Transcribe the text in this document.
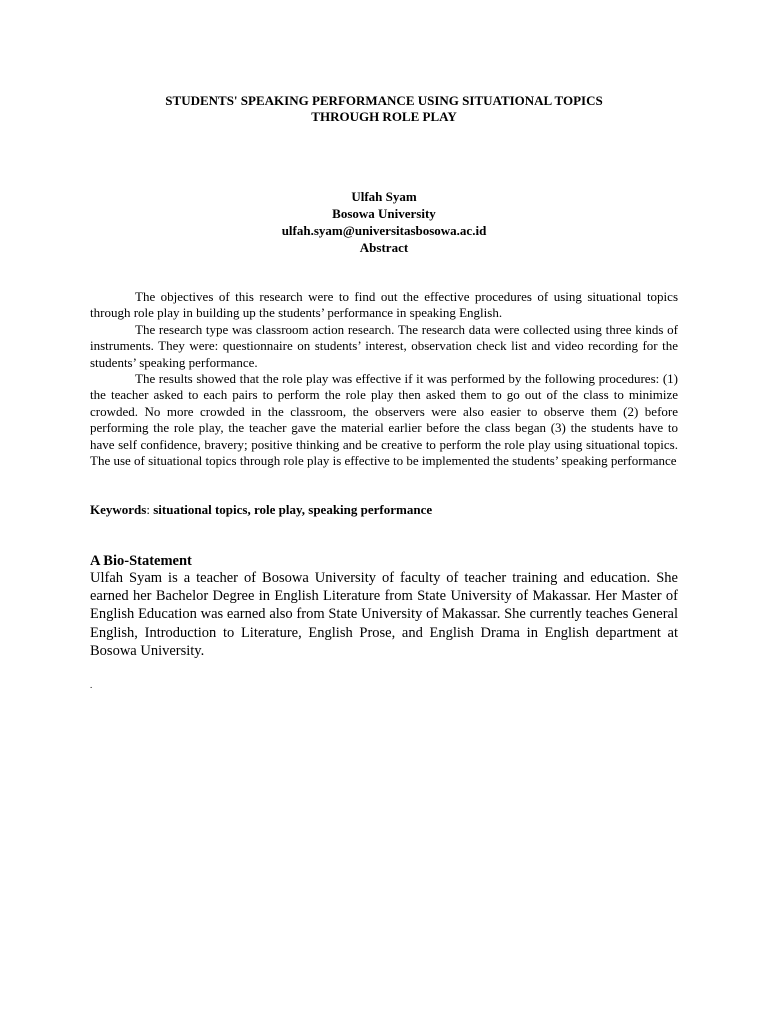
STUDENTS' SPEAKING PERFORMANCE USING SITUATIONAL TOPICS
THROUGH ROLE PLAY
Ulfah Syam
Bosowa University
ulfah.syam@universitasbosowa.ac.id
Abstract

The objectives of this research were to find out the effective procedures of using situational topics through role play in building up the students’ performance in speaking English.

The research type was classroom action research. The research data were collected using three kinds of instruments. They were: questionnaire on students’ interest, observation check list and video recording for the students’ speaking performance.

The results showed that the role play was effective if it was performed by the following procedures: (1) the teacher asked to each pairs to perform the role play then asked them to go out of the class to minimize crowded. No more crowded in the classroom, the observers were also easier to observe them (2) before performing the role play, the teacher gave the material earlier before the class began (3) the students have to have self confidence, bravery; positive thinking and be creative to perform the role play using situational topics. The use of situational topics through role play is effective to be implemented the students’ speaking performance

Keywords: situational topics, role play, speaking performance
A Bio-Statement
Ulfah Syam is a teacher of Bosowa University of faculty of teacher training and education. She earned her Bachelor Degree in English Literature from State University of Makassar. Her Master of English Education was earned also from State University of Makassar. She currently teaches General English, Introduction to Literature, English Prose, and English Drama in English department at Bosowa University.
.
